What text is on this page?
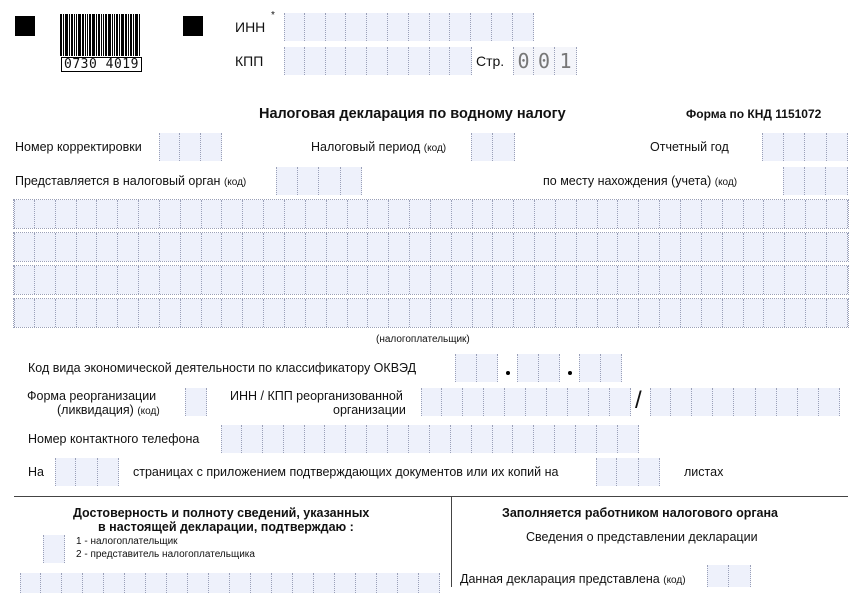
0730 4019
ИНН
*
КПП	Стр. 0 0 1
Налоговая декларация по водному налогу	Форма по КНД 1151072
Номер корректировки	Налоговый период (код)	Отчетный год
Представляется в налоговый орган (код)	по месту нахождения (учета) (код)
(налогоплательщик)
Код вида экономической деятельности по классификатору ОКВЭД
Форма реорганизации
(ликвидация) (код)
ИНН / КПП реорганизованной
организации	/
Номер контактного телефона
На	страницах с приложением подтверждающих документов или их копий на	листах
Достоверность и полноту сведений, указанных
в настоящей декларации, подтверждаю :
1 - налогоплательщик
2 - представитель налогоплательщика
Заполняется работником налогового органа
Сведения о представлении декларации
Данная декларация представлена (код)
